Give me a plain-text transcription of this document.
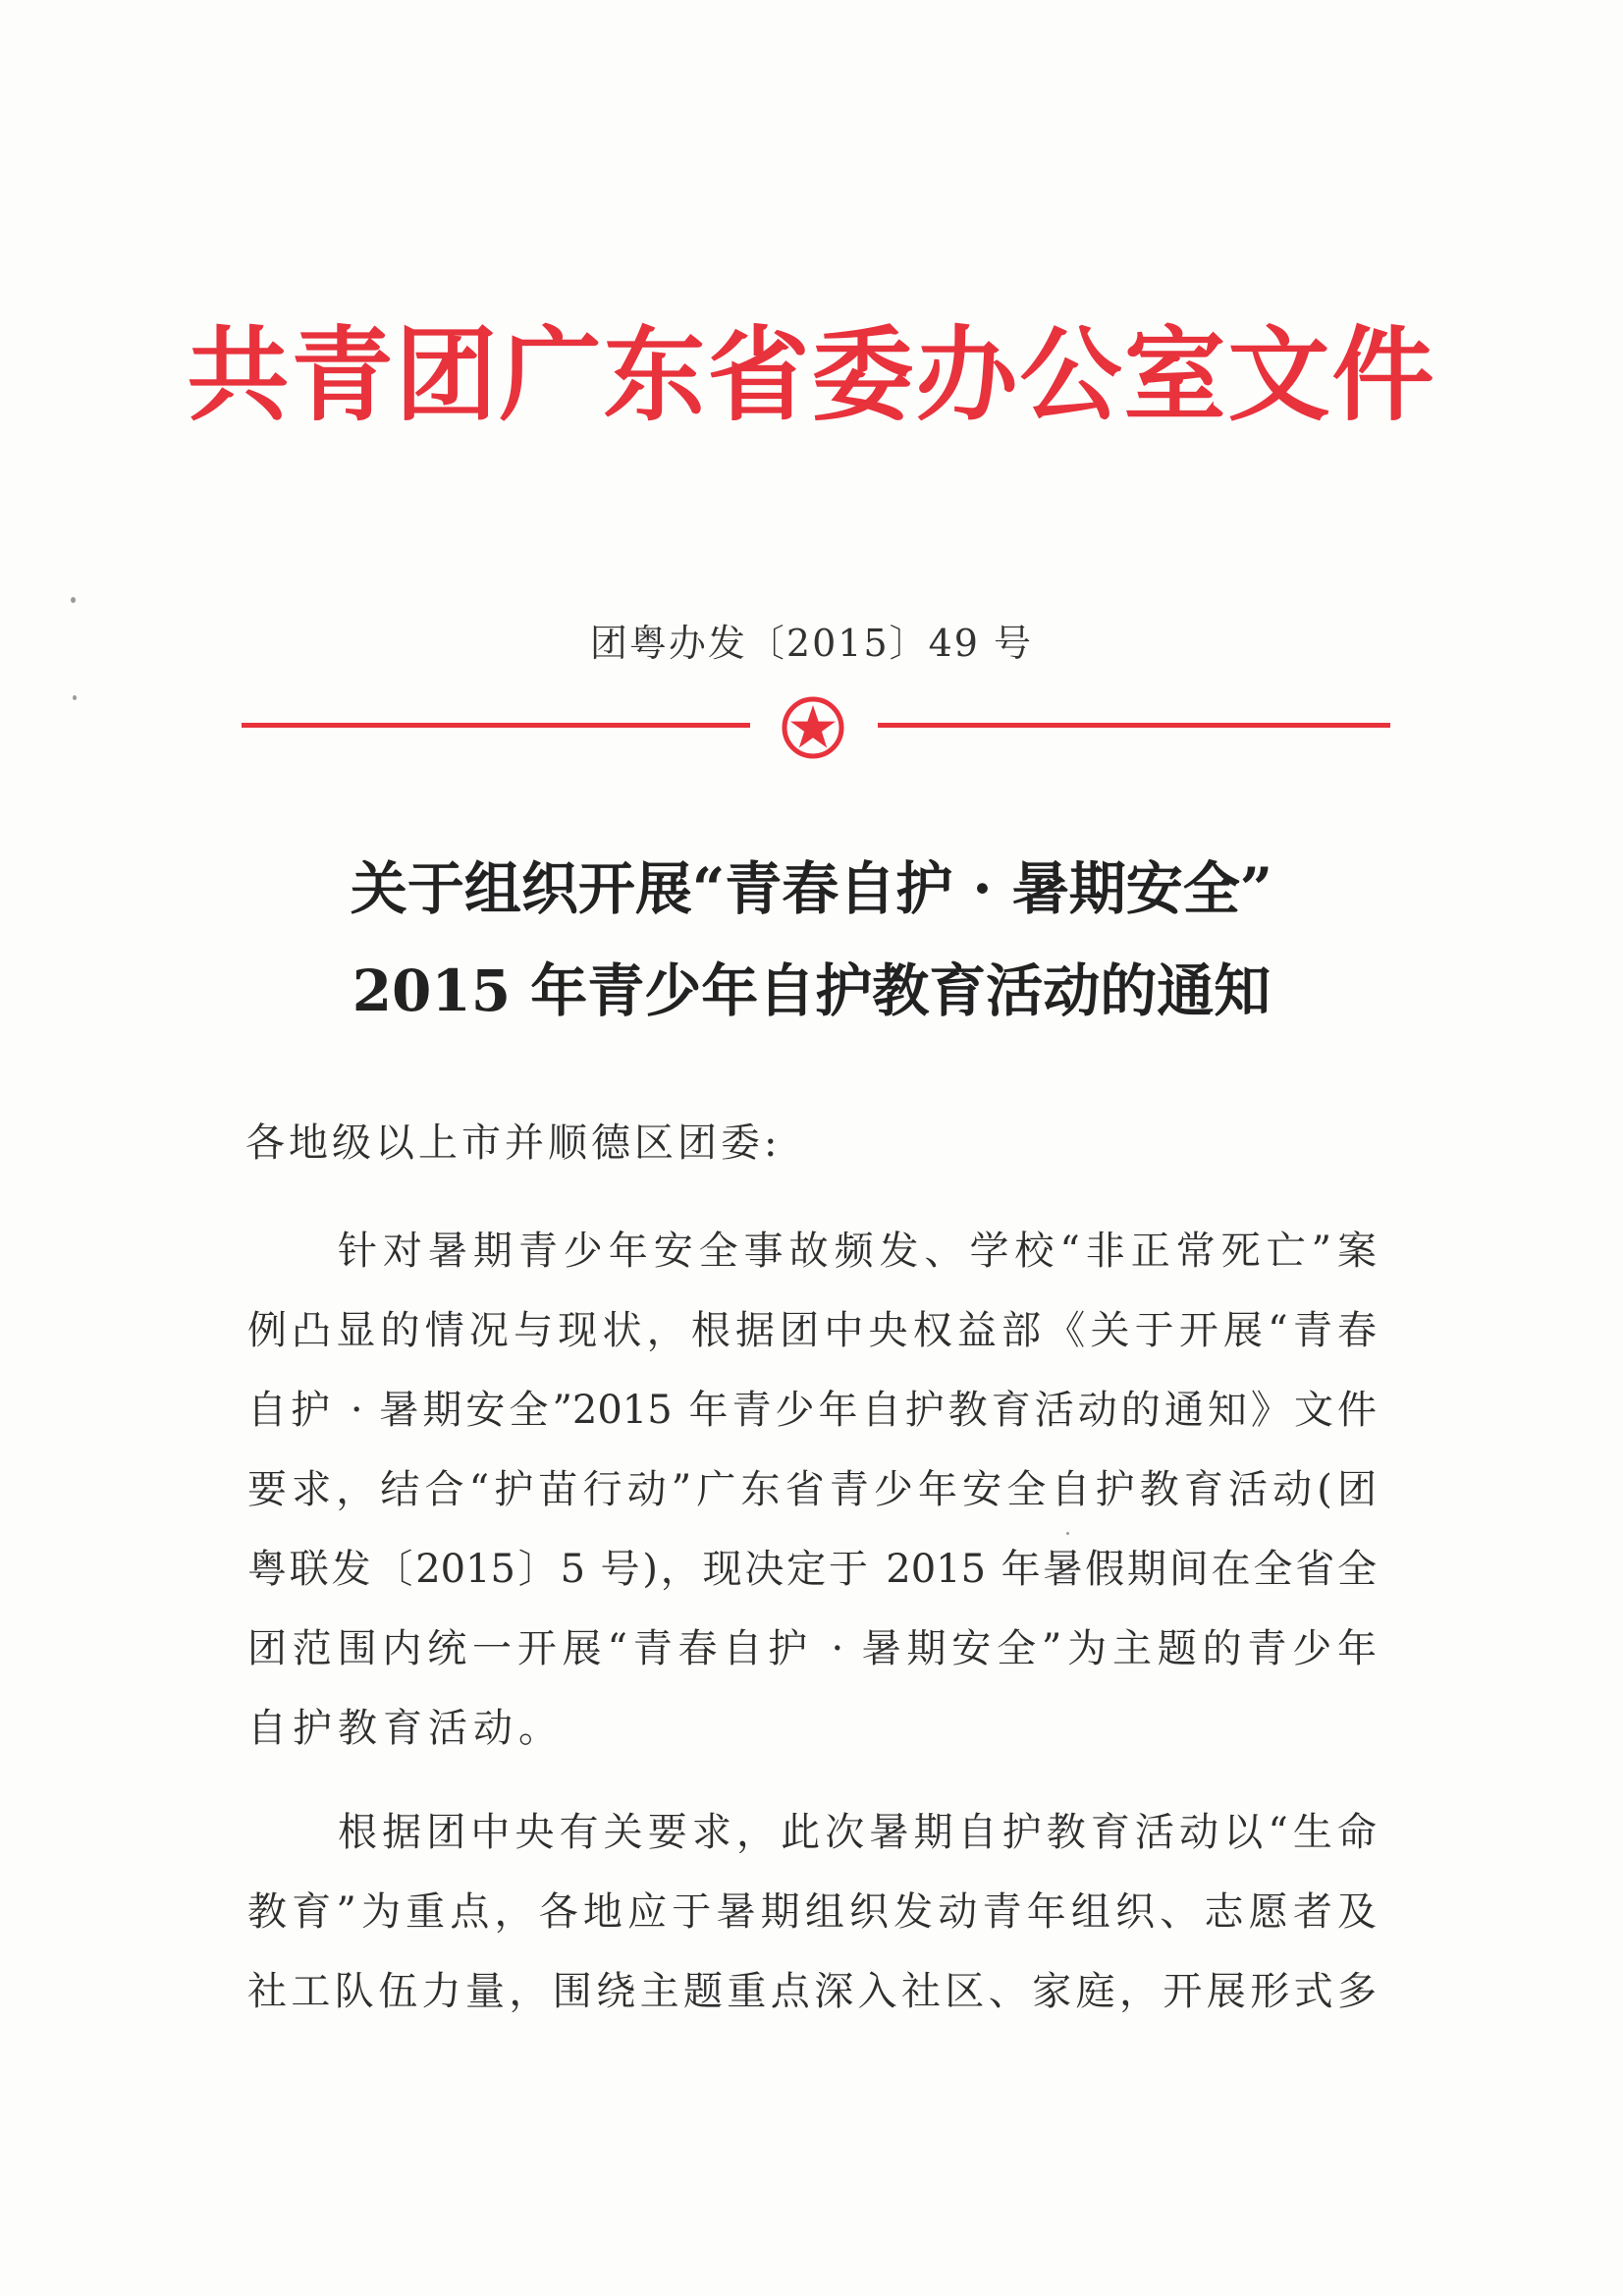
共青团广东省委办公室文件
团粤办发〔2015〕49 号
关于组织开展“青春自护 · 暑期安全”
2015 年青少年自护教育活动的通知
各地级以上市并顺德区团委:
针对暑期青少年安全事故频发、学校“非正常死亡”案
例凸显的情况与现状，根据团中央权益部《关于开展“青春
自护 · 暑期安全”2015 年青少年自护教育活动的通知》文件
要求，结合“护苗行动”广东省青少年安全自护教育活动(团
粤联发〔2015〕5 号)，现决定于 2015 年暑假期间在全省全
团范围内统一开展“青春自护 · 暑期安全”为主题的青少年
自护教育活动。
根据团中央有关要求，此次暑期自护教育活动以“生命
教育”为重点，各地应于暑期组织发动青年组织、志愿者及
社工队伍力量，围绕主题重点深入社区、家庭，开展形式多
